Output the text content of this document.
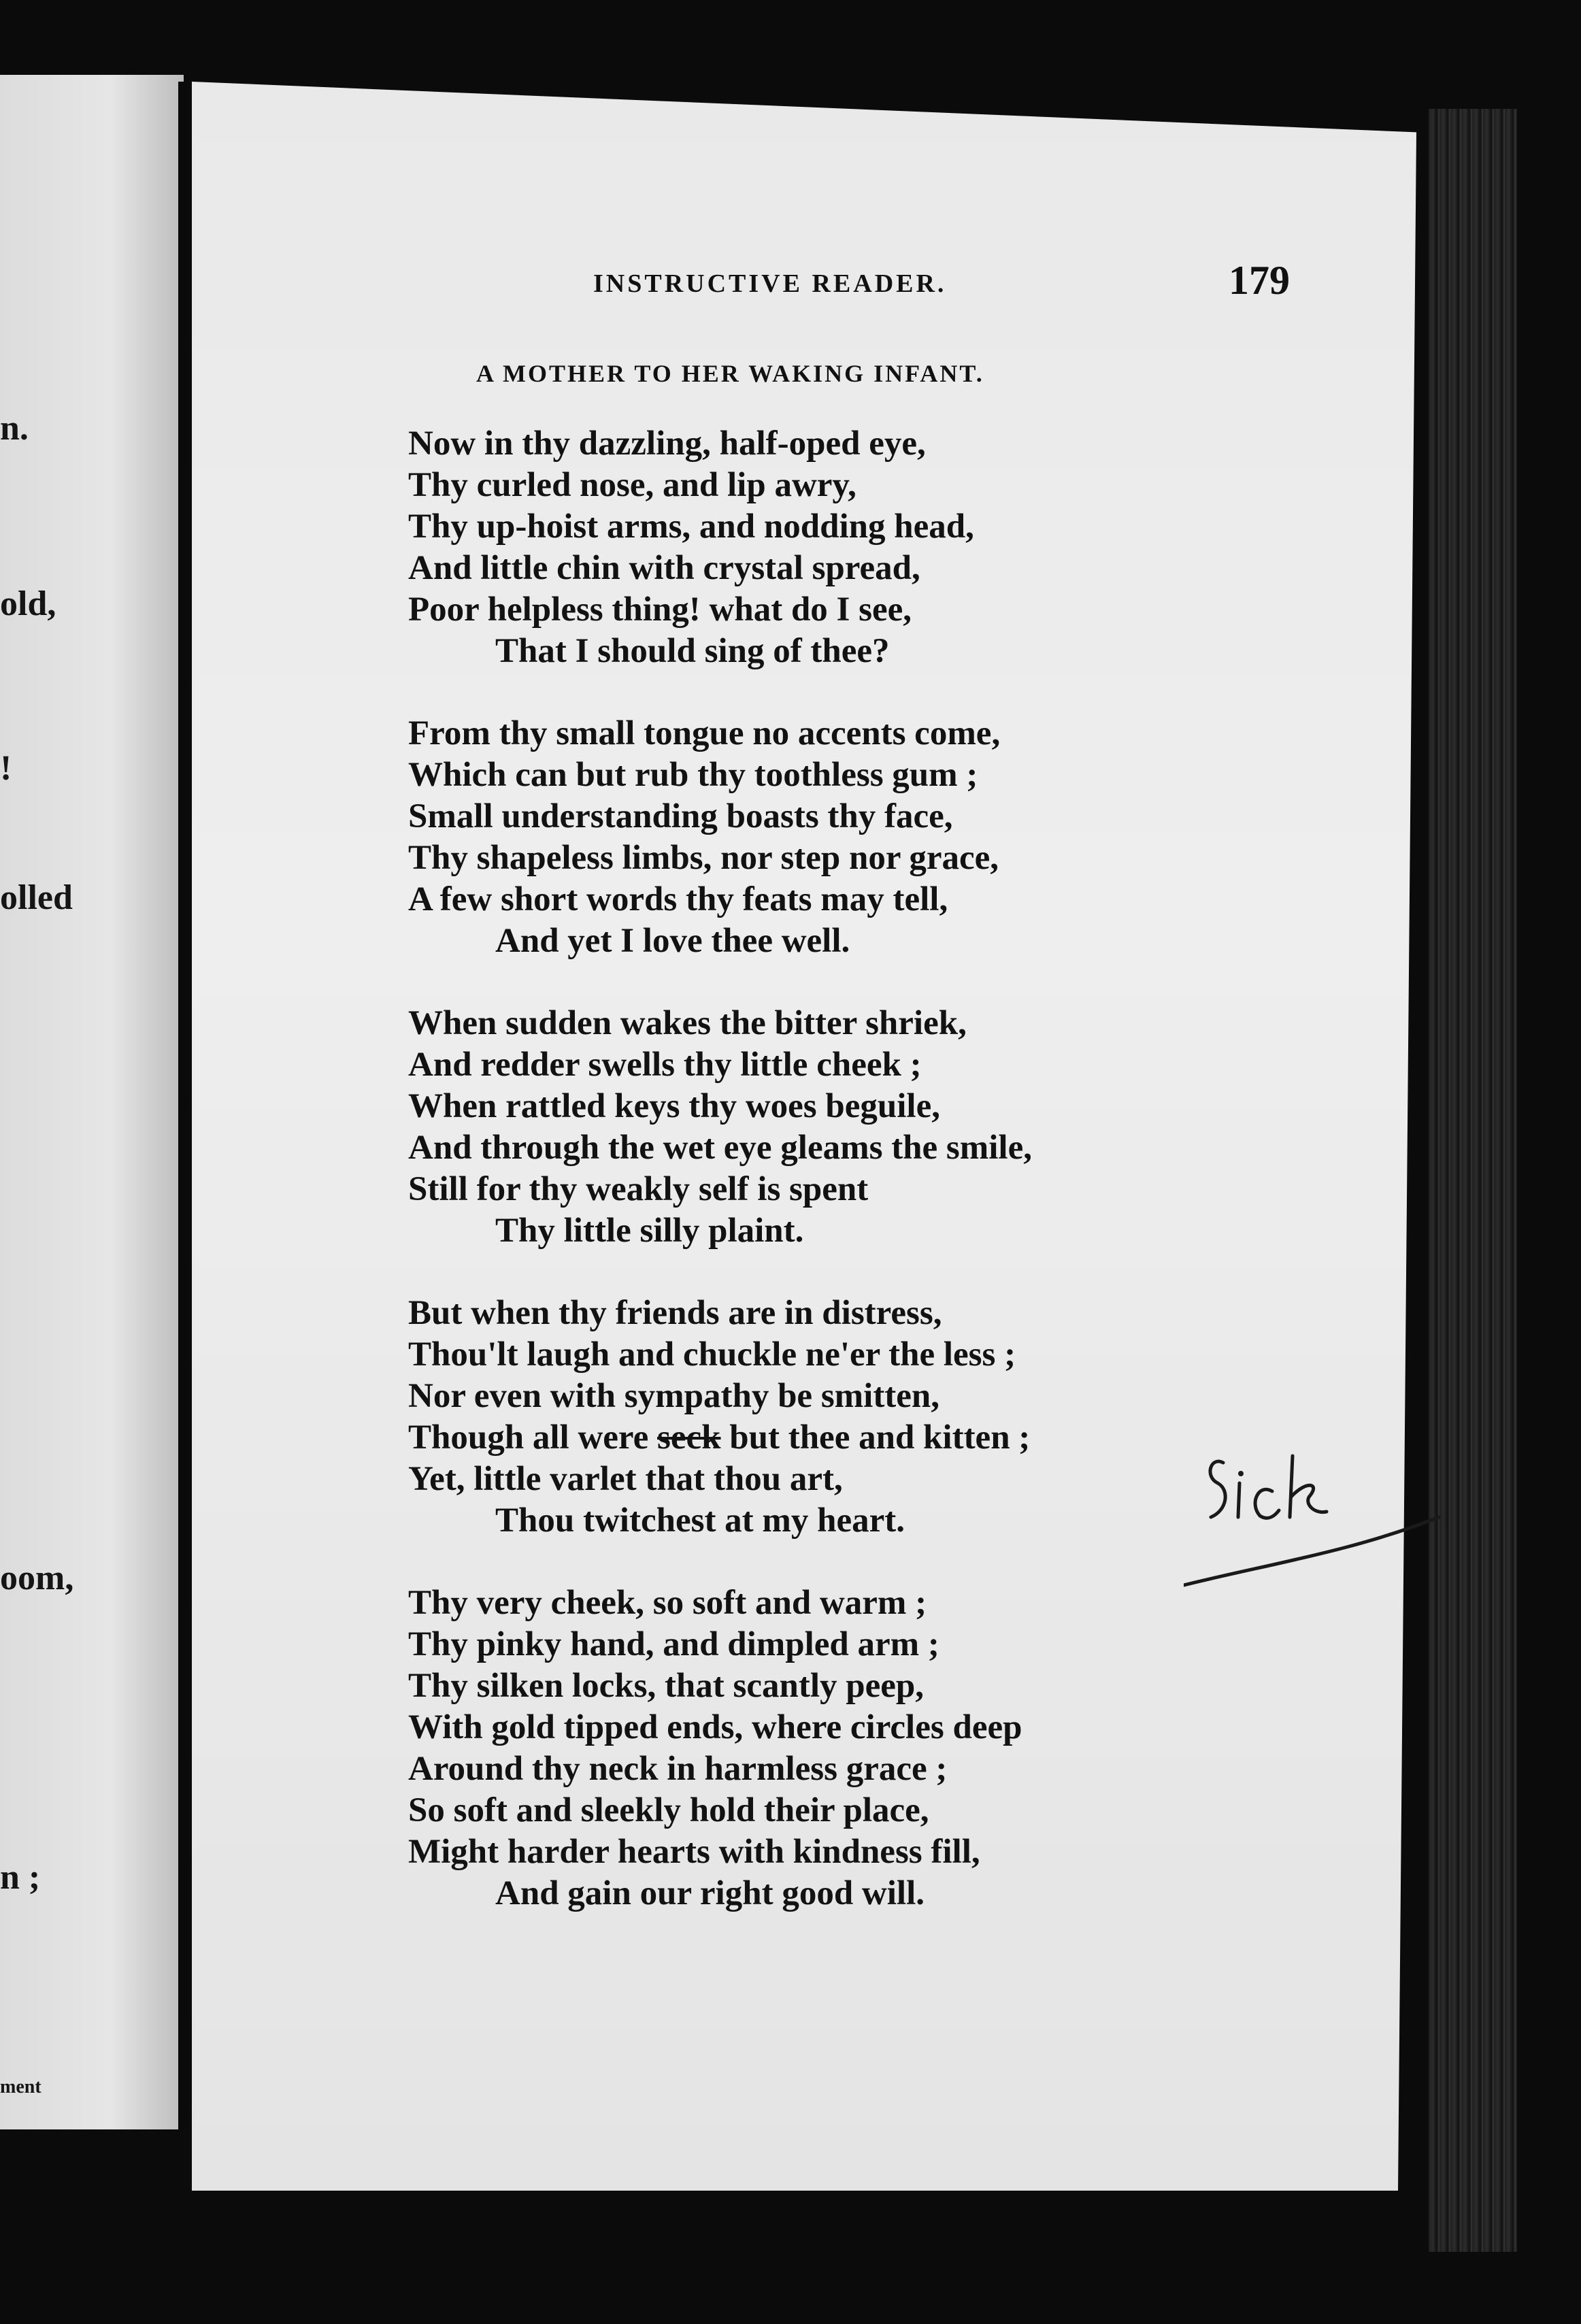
n.
old,
!
olled
oom,
n ;
ment
INSTRUCTIVE READER.	179
A MOTHER TO HER WAKING INFANT.
Now in thy dazzling, half-oped eye,
Thy curled nose, and lip awry,
Thy up-hoist arms, and nodding head,
And little chin with crystal spread,
Poor helpless thing! what do I see,
That I should sing of thee?
From thy small tongue no accents come,
Which can but rub thy toothless gum ;
Small understanding boasts thy face,
Thy shapeless limbs, nor step nor grace,
A few short words thy feats may tell,
And yet I love thee well.
When sudden wakes the bitter shriek,
And redder swells thy little cheek ;
When rattled keys thy woes beguile,
And through the wet eye gleams the smile,
Still for thy weakly self is spent
Thy little silly plaint.
But when thy friends are in distress,
Thou'lt laugh and chuckle ne'er the less ;
Nor even with sympathy be smitten,
Though all were seck but thee and kitten ;
Yet, little varlet that thou art,
Thou twitchest at my heart.
Thy very cheek, so soft and warm ;
Thy pinky hand, and dimpled arm ;
Thy silken locks, that scantly peep,
With gold tipped ends, where circles deep
Around thy neck in harmless grace ;
So soft and sleekly hold their place,
Might harder hearts with kindness fill,
And gain our right good will.
